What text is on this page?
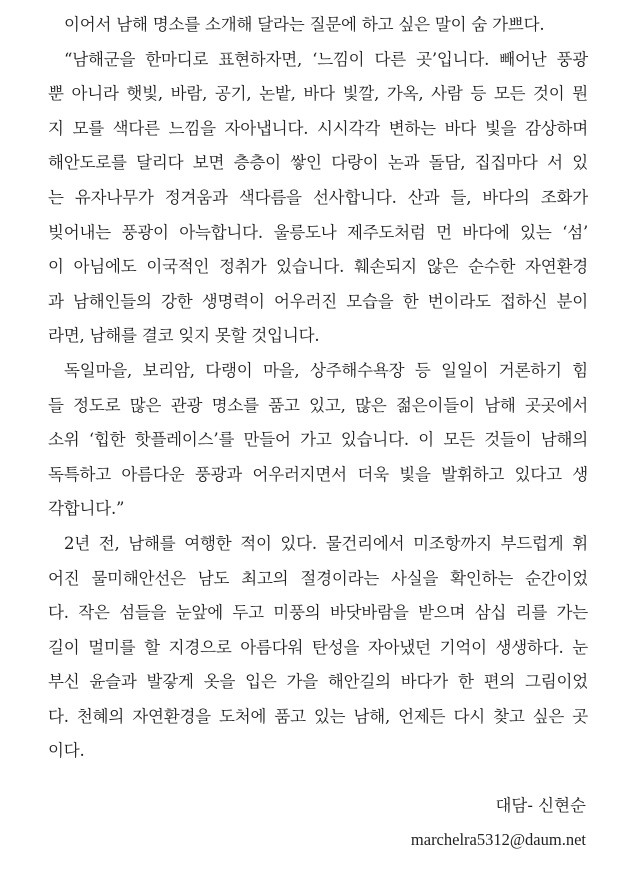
이어서 남해 명소를 소개해 달라는 질문에 하고 싶은 말이 숨 가쁘다.
“남해군을 한마디로 표현하자면, ‘느낌이 다른 곳’입니다. 빼어난 풍광
뿐 아니라 햇빛, 바람, 공기, 논밭, 바다 빛깔, 가옥, 사람 등 모든 것이 뭔
지 모를 색다른 느낌을 자아냅니다. 시시각각 변하는 바다 빛을 감상하며
해안도로를 달리다 보면 층층이 쌓인 다랑이 논과 돌담, 집집마다 서 있
는 유자나무가 정겨움과 색다름을 선사합니다. 산과 들, 바다의 조화가
빚어내는 풍광이 아늑합니다. 울릉도나 제주도처럼 먼 바다에 있는 ‘섬’
이 아님에도 이국적인 정취가 있습니다. 훼손되지 않은 순수한 자연환경
과 남해인들의 강한 생명력이 어우러진 모습을 한 번이라도 접하신 분이
라면, 남해를 결코 잊지 못할 것입니다.
독일마을, 보리암, 다랭이 마을, 상주해수욕장 등 일일이 거론하기 힘
들 정도로 많은 관광 명소를 품고 있고, 많은 젊은이들이 남해 곳곳에서
소위 ‘힙한 핫플레이스’를 만들어 가고 있습니다. 이 모든 것들이 남해의
독특하고 아름다운 풍광과 어우러지면서 더욱 빛을 발휘하고 있다고 생
각합니다.”
2년 전, 남해를 여행한 적이 있다. 물건리에서 미조항까지 부드럽게 휘
어진 물미해안선은 남도 최고의 절경이라는 사실을 확인하는 순간이었
다. 작은 섬들을 눈앞에 두고 미풍의 바닷바람을 받으며 삼십 리를 가는
길이 멀미를 할 지경으로 아름다워 탄성을 자아냈던 기억이 생생하다. 눈
부신 윤슬과 발갛게 옷을 입은 가을 해안길의 바다가 한 편의 그림이었
다. 천혜의 자연환경을 도처에 품고 있는 남해, 언제든 다시 찾고 싶은 곳
이다.
대담- 신현순
marchelra5312@daum.net
